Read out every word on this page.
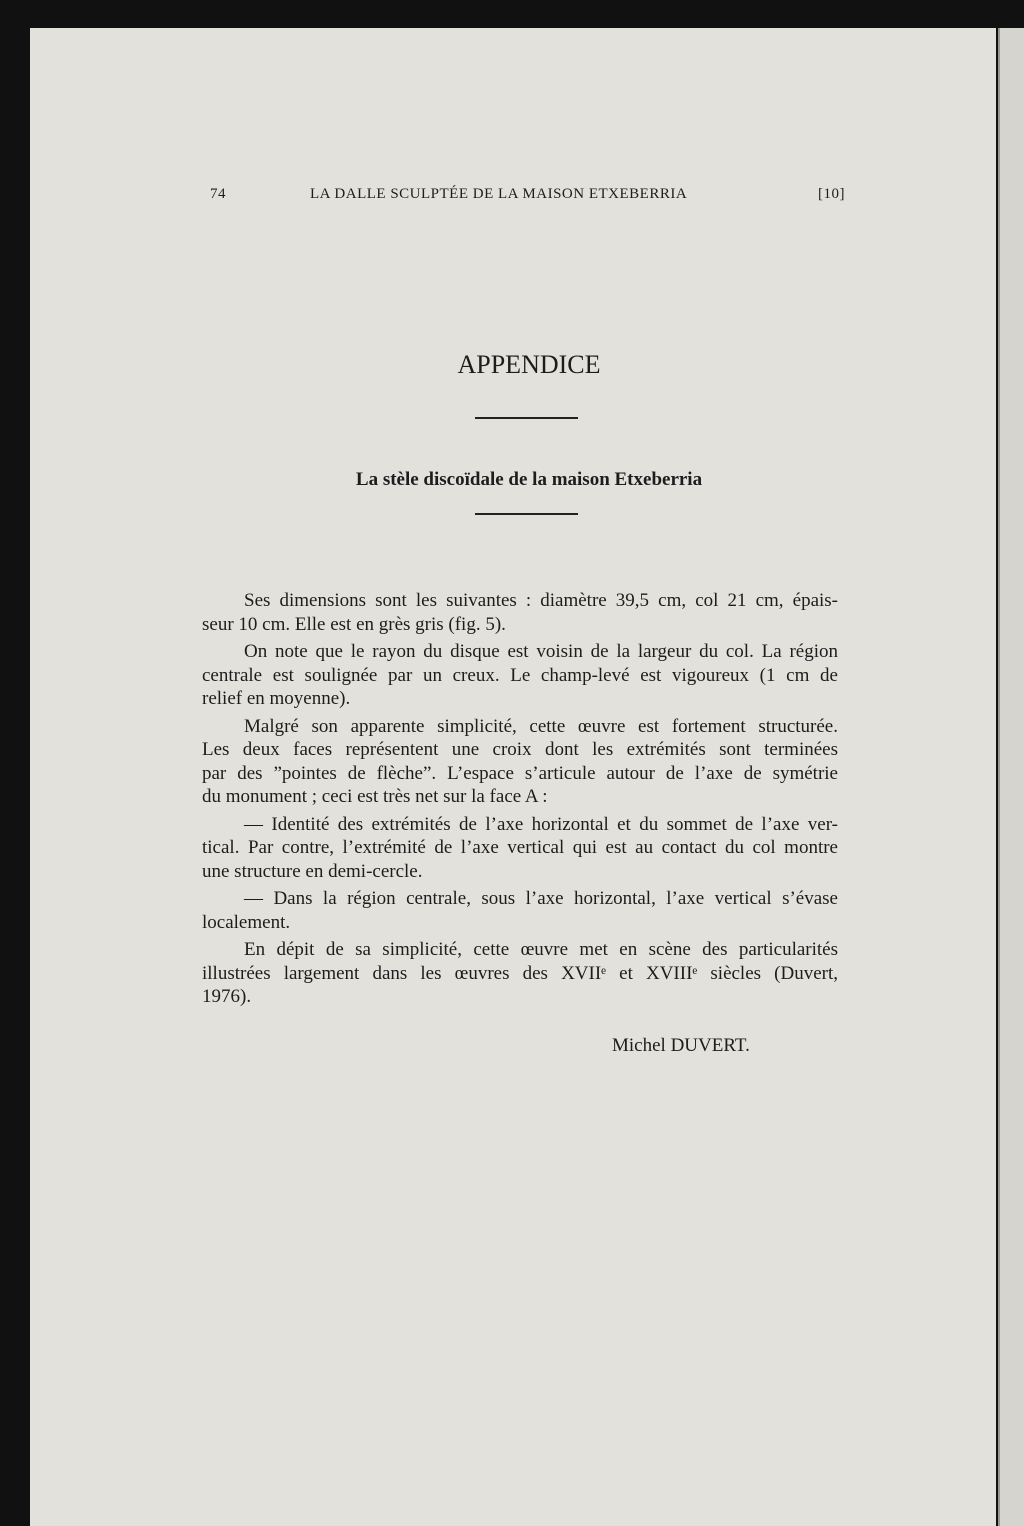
74	LA DALLE SCULPTÉE DE LA MAISON ETXEBERRIA	[10]
APPENDICE
La stèle discoïdale de la maison Etxeberria

Ses dimensions sont les suivantes : diamètre 39,5 cm, col 21 cm, épais-
seur 10 cm. Elle est en grès gris (fig. 5).

On note que le rayon du disque est voisin de la largeur du col. La région
centrale est soulignée par un creux. Le champ-levé est vigoureux (1 cm de
relief en moyenne).

Malgré son apparente simplicité, cette œuvre est fortement structurée.
Les deux faces représentent une croix dont les extrémités sont terminées
par des ”pointes de flèche”. L’espace s’articule autour de l’axe de symétrie
du monument ; ceci est très net sur la face A :

— Identité des extrémités de l’axe horizontal et du sommet de l’axe ver-
tical. Par contre, l’extrémité de l’axe vertical qui est au contact du col montre
une structure en demi-cercle.

— Dans la région centrale, sous l’axe horizontal, l’axe vertical s’évase
localement.

En dépit de sa simplicité, cette œuvre met en scène des particularités
illustrées largement dans les œuvres des XVIIᵉ et XVIIIᵉ siècles (Duvert,
1976).

Michel DUVERT.
